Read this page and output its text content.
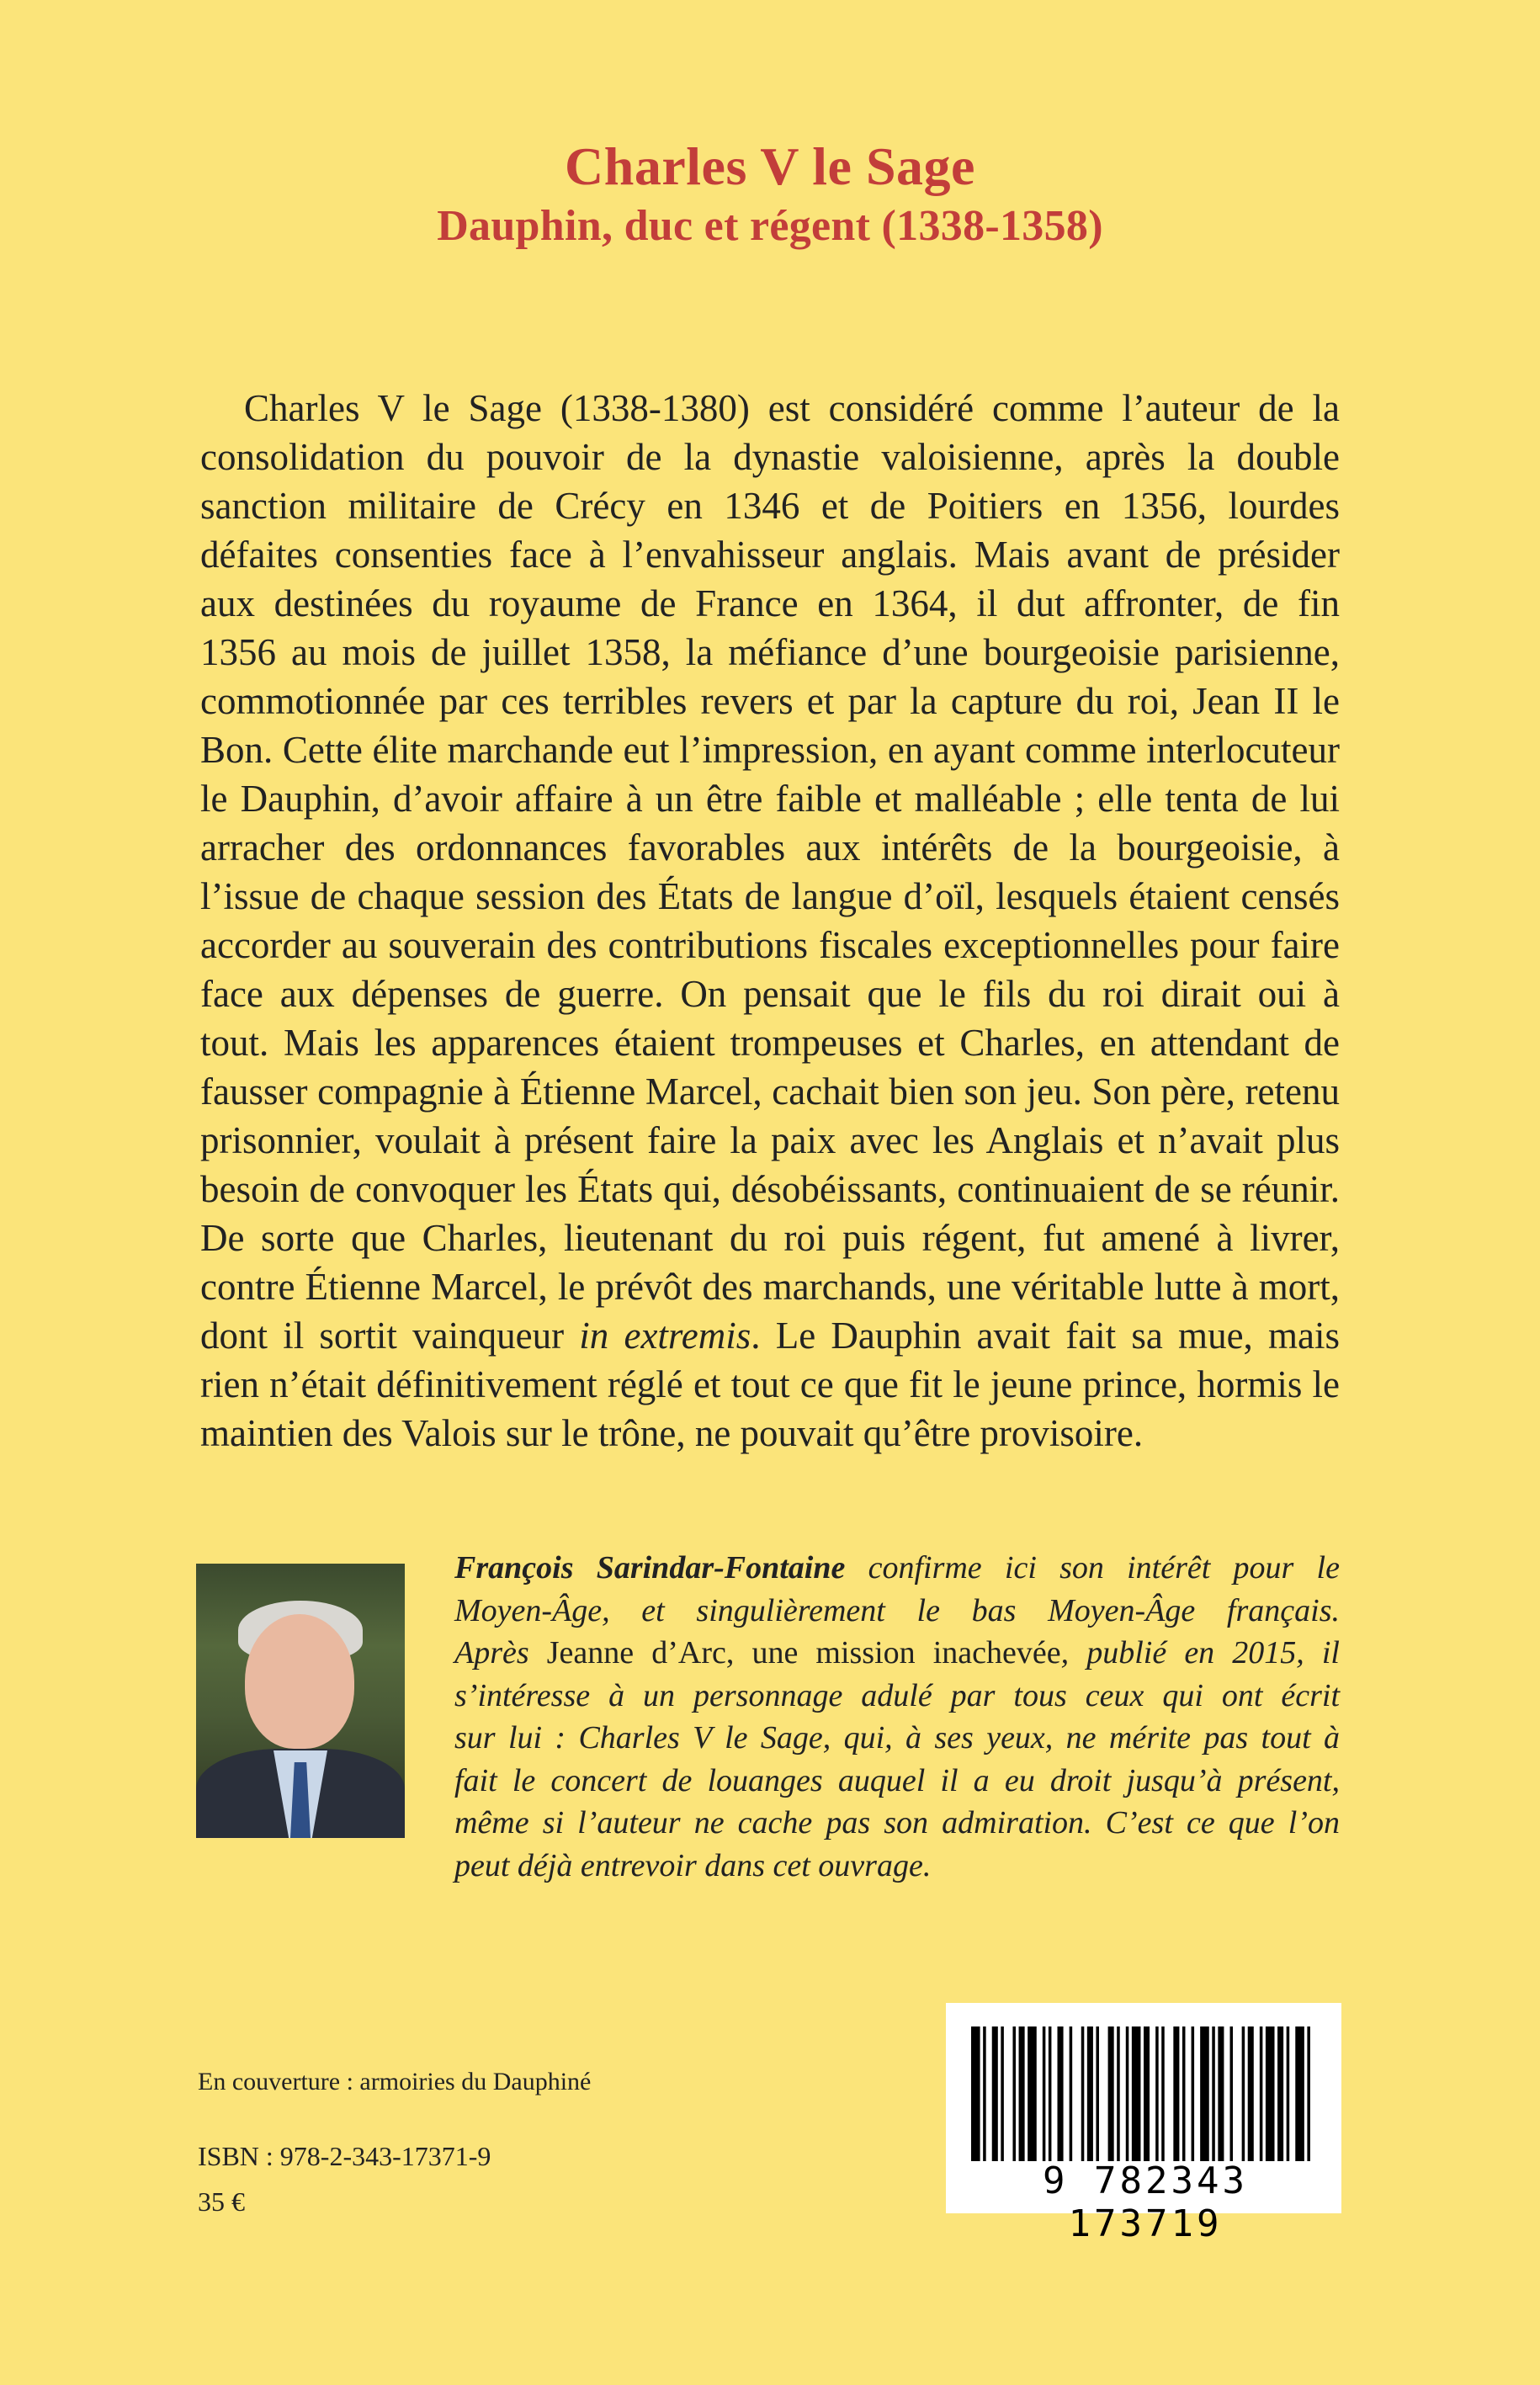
Charles V le Sage
Dauphin, duc et régent (1338-1358)
Charles V le Sage (1338-1380) est considéré comme l’auteur de la
consolidation du pouvoir de la dynastie valoisienne, après la double
sanction militaire de Crécy en 1346 et de Poitiers en 1356, lourdes
défaites consenties face à l’envahisseur anglais. Mais avant de présider
aux destinées du royaume de France en 1364, il dut affronter, de fin
1356 au mois de juillet 1358, la méfiance d’une bourgeoisie parisienne,
commotionnée par ces terribles revers et par la capture du roi, Jean II le
Bon. Cette élite marchande eut l’impression, en ayant comme interlocuteur
le Dauphin, d’avoir affaire à un être faible et malléable ; elle tenta de lui
arracher des ordonnances favorables aux intérêts de la bourgeoisie, à
l’issue de chaque session des États de langue d’oïl, lesquels étaient censés
accorder au souverain des contributions fiscales exceptionnelles pour faire
face aux dépenses de guerre. On pensait que le fils du roi dirait oui à
tout. Mais les apparences étaient trompeuses et Charles, en attendant de
fausser compagnie à Étienne Marcel, cachait bien son jeu. Son père, retenu
prisonnier, voulait à présent faire la paix avec les Anglais et n’avait plus
besoin de convoquer les États qui, désobéissants, continuaient de se réunir.
De sorte que Charles, lieutenant du roi puis régent, fut amené à livrer,
contre Étienne Marcel, le prévôt des marchands, une véritable lutte à mort,
dont il sortit vainqueur in extremis. Le Dauphin avait fait sa mue, mais
rien n’était définitivement réglé et tout ce que fit le jeune prince, hormis le
maintien des Valois sur le trône, ne pouvait qu’être provisoire.
François Sarindar-Fontaine confirme ici son intérêt pour le
Moyen-Âge, et singulièrement le bas Moyen-Âge français.
Après Jeanne d’Arc, une mission inachevée, publié en 2015, il
s’intéresse à un personnage adulé par tous ceux qui ont écrit
sur lui : Charles V le Sage, qui, à ses yeux, ne mérite pas tout à
fait le concert de louanges auquel il a eu droit jusqu’à présent,
même si l’auteur ne cache pas son admiration. C’est ce que l’on
peut déjà entrevoir dans cet ouvrage.
En couverture : armoiries du Dauphiné
ISBN : 978-2-343-17371-9
35 €	9 782343 173719
